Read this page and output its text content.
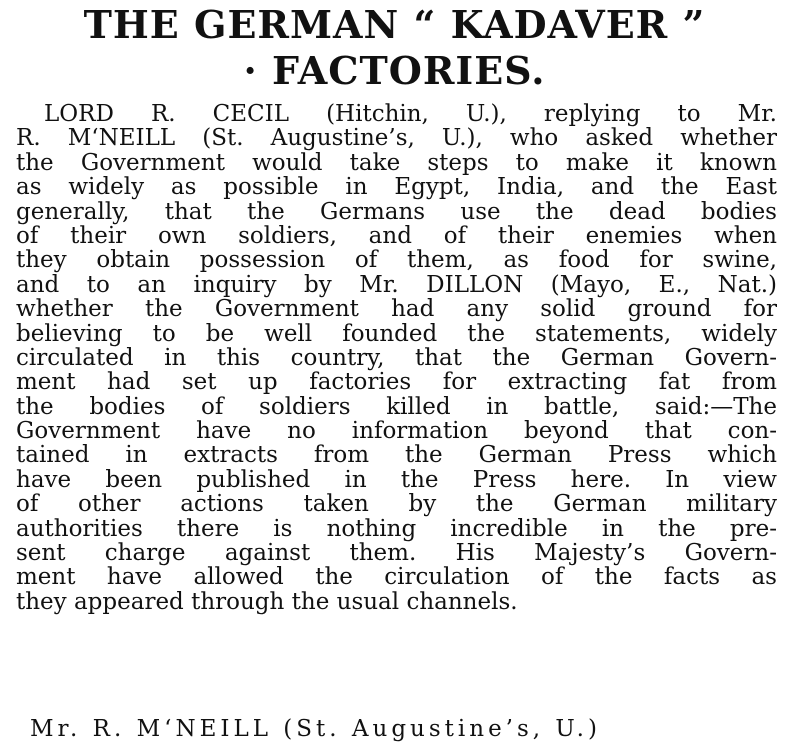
THE GERMAN “ KADAVER ”
· FACTORIES.
LORD R. CECIL (Hitchin, U.), replying to Mr.
R. M‘NEILL (St. Augustine’s, U.), who asked whether
the Government would take steps to make it known
as widely as possible in Egypt, India, and the East
generally, that the Germans use the dead bodies
of their own soldiers, and of their enemies when
they obtain possession of them, as food for swine,
and to an inquiry by Mr. DILLON (Mayo, E., Nat.)
whether the Government had any solid ground for
believing to be well founded the statements, widely
circulated in this country, that the German Govern-
ment had set up factories for extracting fat from
the bodies of soldiers killed in battle, said:—The
Government have no information beyond that con-
tained in extracts from the German Press which
have been published in the Press here. In view
of other actions taken by the German military
authorities there is nothing incredible in the pre-
sent charge against them. His Majesty’s Govern-
ment have allowed the circulation of the facts as
they appeared through the usual channels.
Mr. R. M‘NEILL (St. Augustine’s, U.)
